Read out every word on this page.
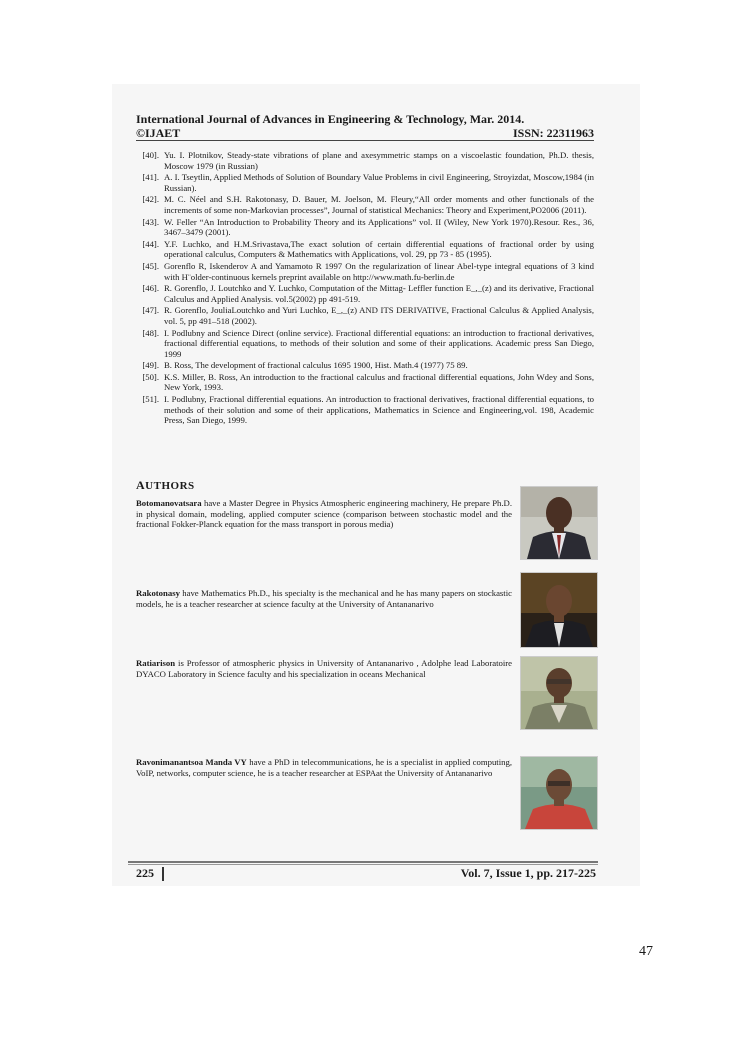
International Journal of Advances in Engineering & Technology, Mar. 2014.
©IJAET	ISSN: 22311963
[40]. Yu. I. Plotnikov, Steady-state vibrations of plane and axesymmetric stamps on a viscoelastic foundation, Ph.D. thesis, Moscow 1979 (in Russian)
[41]. A. I. Tseytlin, Applied Methods of Solution of Boundary Value Problems in civil Engineering, Stroyizdat, Moscow,1984 (in Russian).
[42]. M. C. Néel and S.H. Rakotonasy, D. Bauer, M. Joelson, M. Fleury,“All order moments and other functionals of the increments of some non-Markovian processes”, Journal of statistical Mechanics: Theory and Experiment,PO2006 (2011).
[43]. W. Feller “An Introduction to Probability Theory and its Applications” vol. II (Wiley, New York 1970).Resour. Res., 36, 3467–3479 (2001).
[44]. Y.F. Luchko, and H.M.Srivastava,The exact solution of certain differential equations of fractional order by using operational calculus, Computers & Mathematics with Applications, vol. 29, pp 73 - 85 (1995).
[45]. Gorenflo R, Iskenderov A and Yamamoto R 1997 On the regularization of linear Abel-type integral equations of 3 kind with H¨older-continuous kernels preprint available on http://www.math.fu-berlin.de
[46]. R. Gorenflo, J. Loutchko and Y. Luchko, Computation of the Mittag- Leffler function E_,_(z) and its derivative, Fractional Calculus and Applied Analysis. vol.5(2002) pp 491-519.
[47]. R. Gorenflo, JouliaLoutchko and Yuri Luchko, E_,_(z) AND ITS DERIVATIVE, Fractional Calculus & Applied Analysis, vol. 5, pp 491–518 (2002).
[48]. I. Podlubny and Science Direct (online service). Fractional differential equations: an introduction to fractional derivatives, fractional differential equations, to methods of their solution and some of their applications. Academic press San Diego, 1999
[49]. B. Ross, The development of fractional calculus 1695 1900, Hist. Math.4 (1977) 75 89.
[50]. K.S. Miller, B. Ross, An introduction to the fractional calculus and fractional differential equations, John Wdey and Sons, New York, 1993.
[51]. I. Podlubny, Fractional differential equations. An introduction to fractional derivatives, fractional differential equations, to methods of their solution and some of their applications, Mathematics in Science and Engineering,vol. 198, Academic Press, San Diego, 1999.
AUTHORS
Botomanovatsara have a Master Degree in Physics Atmospheric engineering machinery, He prepare Ph.D. in physical domain, modeling, applied computer science (comparison between stochastic model and the fractional Fokker-Planck equation for the mass transport in porous media)
Rakotonasy have Mathematics Ph.D., his specialty is the mechanical and he has many papers on stockastic models, he is a teacher researcher at science faculty at the University of Antananarivo
Ratiarison is Professor of atmospheric physics in University of Antananarivo , Adolphe lead Laboratoire DYACO Laboratory in Science faculty and his specialization in oceans Mechanical
Ravonimanantsoa Manda VY have a PhD in telecommunications, he is a specialist in applied computing, VoIP, networks, computer science, he is a teacher researcher at ESPAat the University of Antananarivo
225	Vol. 7, Issue 1, pp. 217-225
47
